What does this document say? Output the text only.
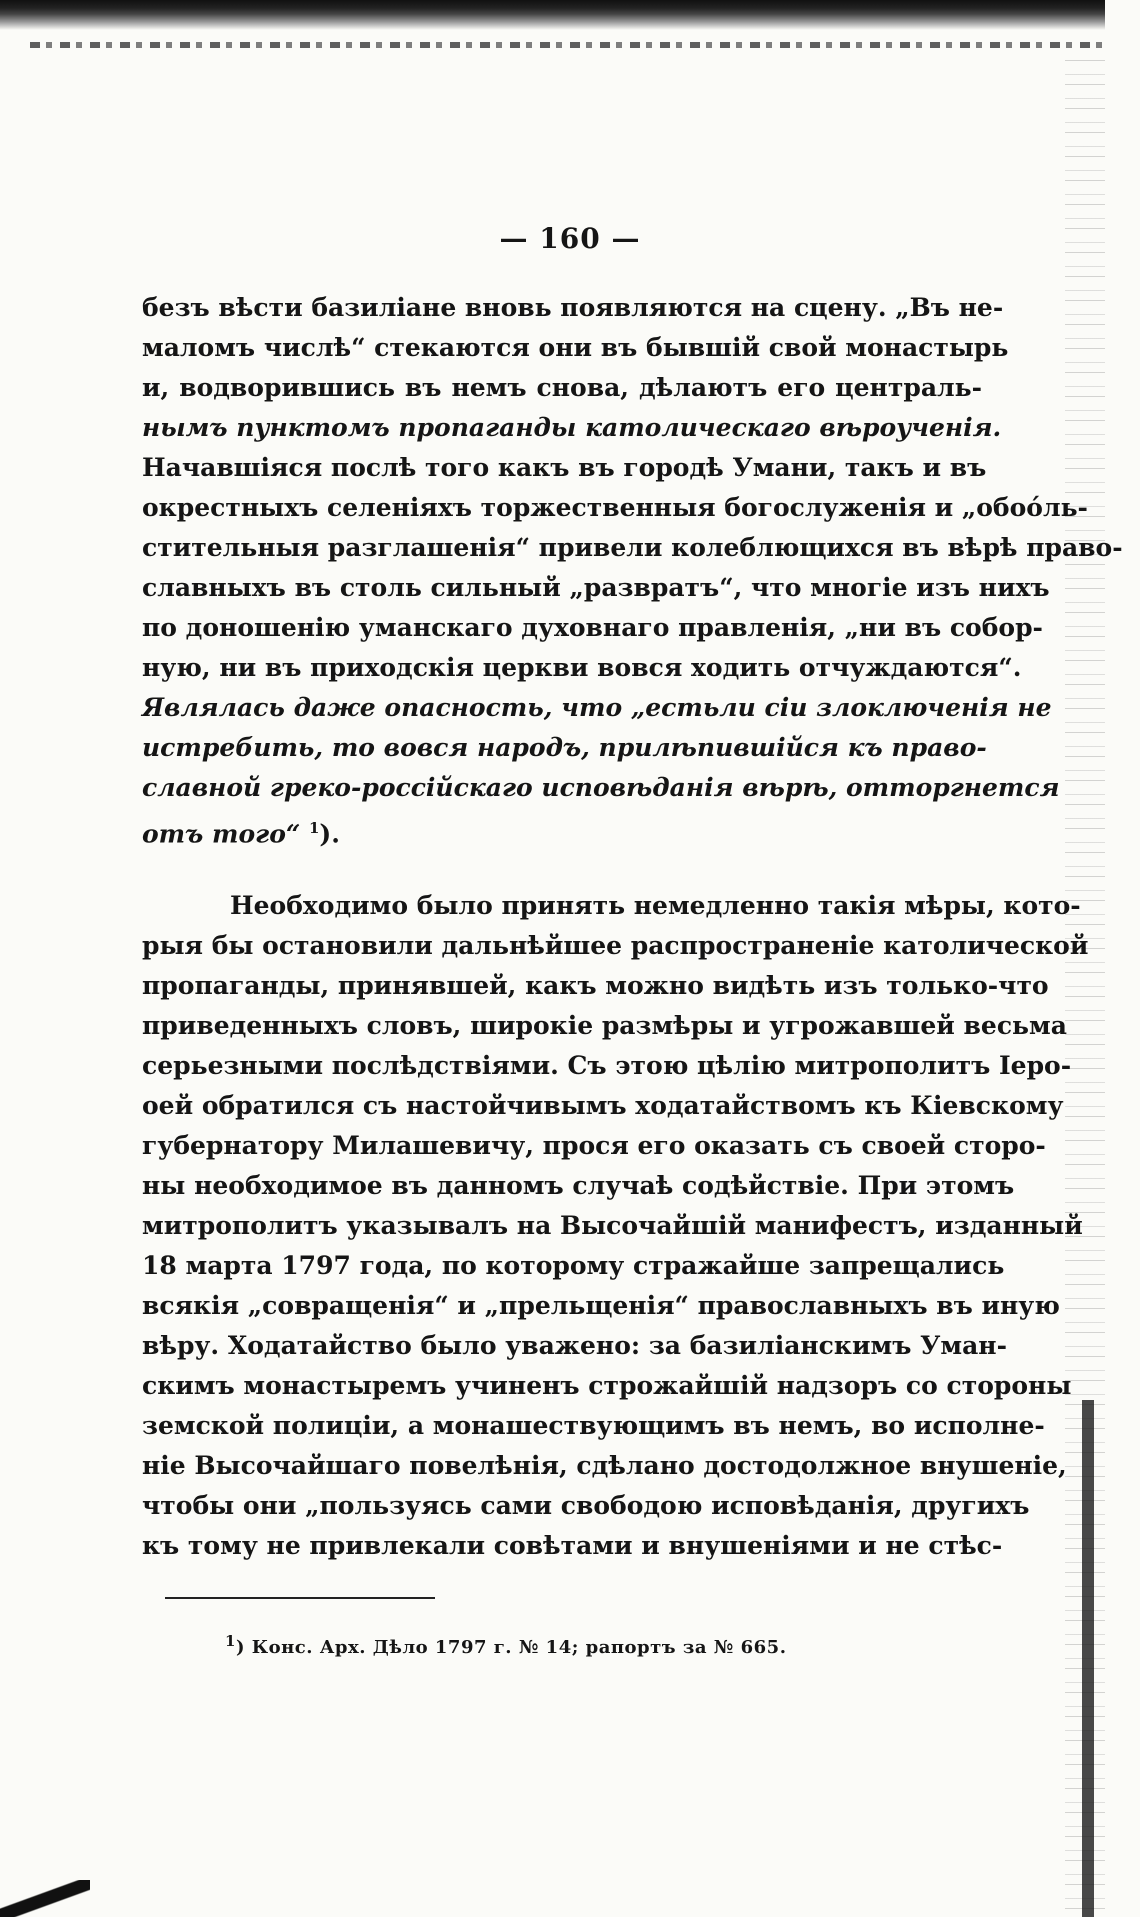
— 160 —
безъ вѣсти базиліане вновь появляются на сцену. „Въ не-
маломъ числѣ“ стекаются они въ бывшій свой монастырь
и, водворившись въ немъ снова, дѣлаютъ его централь-
нымъ пунктомъ пропаганды католическаго вѣроученія.
Начавшіяся послѣ того какъ въ городѣ Умани, такъ и въ
окрестныхъ селеніяхъ торжественныя богослуженія и „обоо́ль-
стительныя разглашенія“ привели колеблющихся въ вѣрѣ право-
славныхъ въ столь сильный „развратъ“, что многіе изъ нихъ
по доношенію уманскаго духовнаго правленія, „ни въ собор-
ную, ни въ приходскія церкви вовся ходить отчуждаются“.
Являлась даже опасность, что „естьли сіи злоключенія не
истребить, то вовся народъ, прилѣпившійся къ право-
славной греко-россійскаго исповѣданія вѣрѣ, отторгнется
отъ того“ $^1$).
Необходимо было принять немедленно такія мѣры, кото-
рыя бы остановили дальнѣйшее распространеніе католической
пропаганды, принявшей, какъ можно видѣть изъ только-что
приведенныхъ словъ, широкіе размѣры и угрожавшей весьма
серьезными послѣдствіями. Съ этою цѣлію митрополитъ Іеро-
оей обратился съ настойчивымъ ходатайствомъ къ Кіевскому
губернатору Милашевичу, прося его оказать съ своей сторо-
ны необходимое въ данномъ случаѣ содѣйствіе. При этомъ
митрополитъ указывалъ на Высочайшій манифестъ, изданный
18 марта 1797 года, по которому стражайше запрещались
всякія „совращенія“ и „прельщенія“ православныхъ въ иную
вѣру. Ходатайство было уважено: за базиліанскимъ Уман-
скимъ монастыремъ учиненъ строжайшій надзоръ со стороны
земской полиціи, а монашествующимъ въ немъ, во исполне-
ніе Высочайшаго повелѣнія, сдѣлано достодолжное внушеніе,
чтобы они „пользуясь сами свободою исповѣданія, другихъ
къ тому не привлекали совѣтами и внушеніями и не стѣс-
$^1$) Конс. Арх. Дѣло 1797 г. № 14; рапортъ за № 665.
